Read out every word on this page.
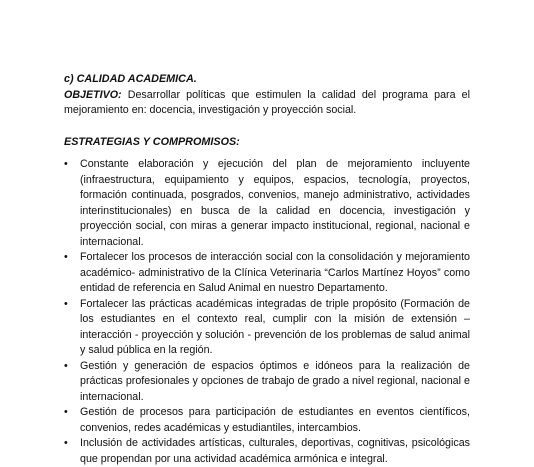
c) CALIDAD ACADEMICA.
OBJETIVO: Desarrollar políticas que estimulen la calidad del programa para el mejoramiento en: docencia, investigación y proyección social.
ESTRATEGIAS Y COMPROMISOS:
•	Constante elaboración y ejecución del plan de mejoramiento incluyente (infraestructura, equipamiento y equipos, espacios, tecnología, proyectos, formación continuada, posgrados, convenios, manejo administrativo, actividades interinstitucionales) en busca de la calidad en docencia, investigación y proyección social, con miras a generar impacto institucional, regional, nacional e internacional.
•	Fortalecer los procesos de interacción social con la consolidación y mejoramiento académico- administrativo de la Clínica Veterinaria “Carlos Martínez Hoyos” como entidad de referencia en Salud Animal en nuestro Departamento.
•	Fortalecer las prácticas académicas integradas de triple propósito (Formación de los estudiantes en el contexto real, cumplir con la misión de extensión – interacción - proyección y solución - prevención de los problemas de salud animal y salud pública en la región.
•	Gestión y generación de espacios óptimos e idóneos para la realización de prácticas profesionales y opciones de trabajo de grado a nivel regional, nacional e internacional.
•	Gestión de procesos para participación de estudiantes en eventos científicos, convenios, redes académicas y estudiantiles, intercambios.
•	Inclusión de actividades artísticas, culturales, deportivas, cognitivas, psicológicas que propendan por una actividad académica armónica e integral.
